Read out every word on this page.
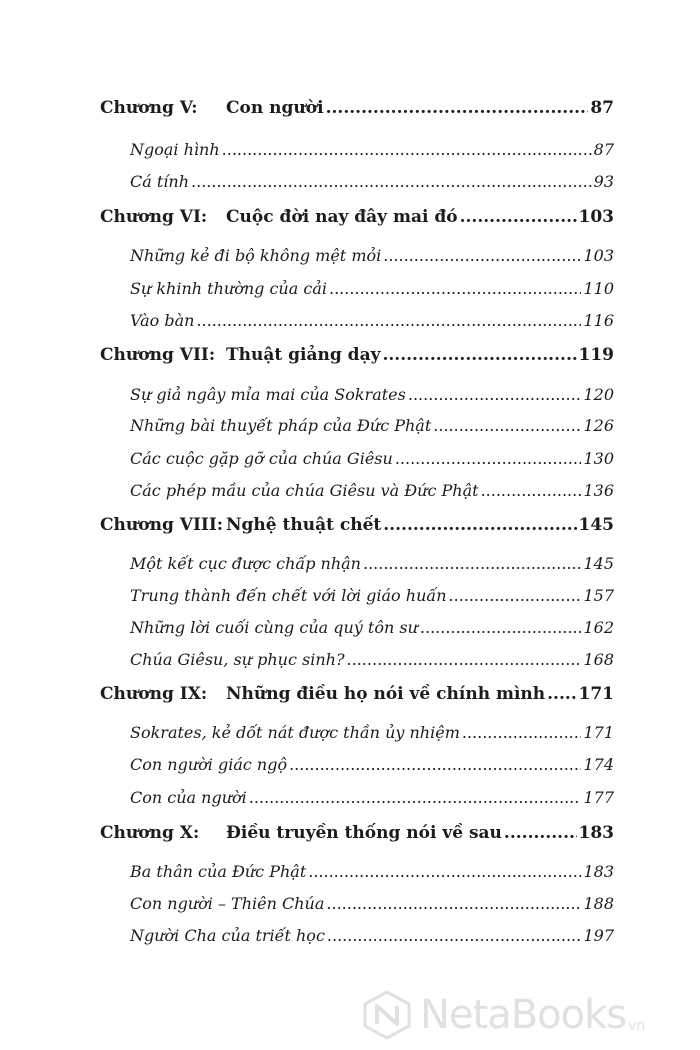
Chương V: Con người .....	87
Ngoại hình .....	87
Cá tính .....	93
Chương VI: Cuộc đời nay đây mai đó .....	103
Những kẻ đi bộ không mệt mỏi .....	103
Sự khinh thường của cải .....	110
Vào bàn .....	116
Chương VII: Thuật giảng dạy .....	119
Sự giả ngây mỉa mai của Sokrates .....	120
Những bài thuyết pháp của Đức Phật .....	126
Các cuộc gặp gỡ của chúa Giêsu .....	130
Các phép mầu của chúa Giêsu và Đức Phật .....	136
Chương VIII: Nghệ thuật chết .....	145
Một kết cục được chấp nhận .....	145
Trung thành đến chết với lời giáo huấn .....	157
Những lời cuối cùng của quý tôn sư .....	162
Chúa Giêsu, sự phục sinh? .....	168
Chương IX: Những điều họ nói về chính mình ..... 171
Sokrates, kẻ dốt nát được thần ủy nhiệm .....	171
Con người giác ngộ .....	174
Con của người .....	177
Chương X: Điều truyền thống nói về sau .....	183
Ba thân của Đức Phật .....	183
Con người – Thiên Chúa .....	188
Người Cha của triết học .....	197
NetaBooks vn
